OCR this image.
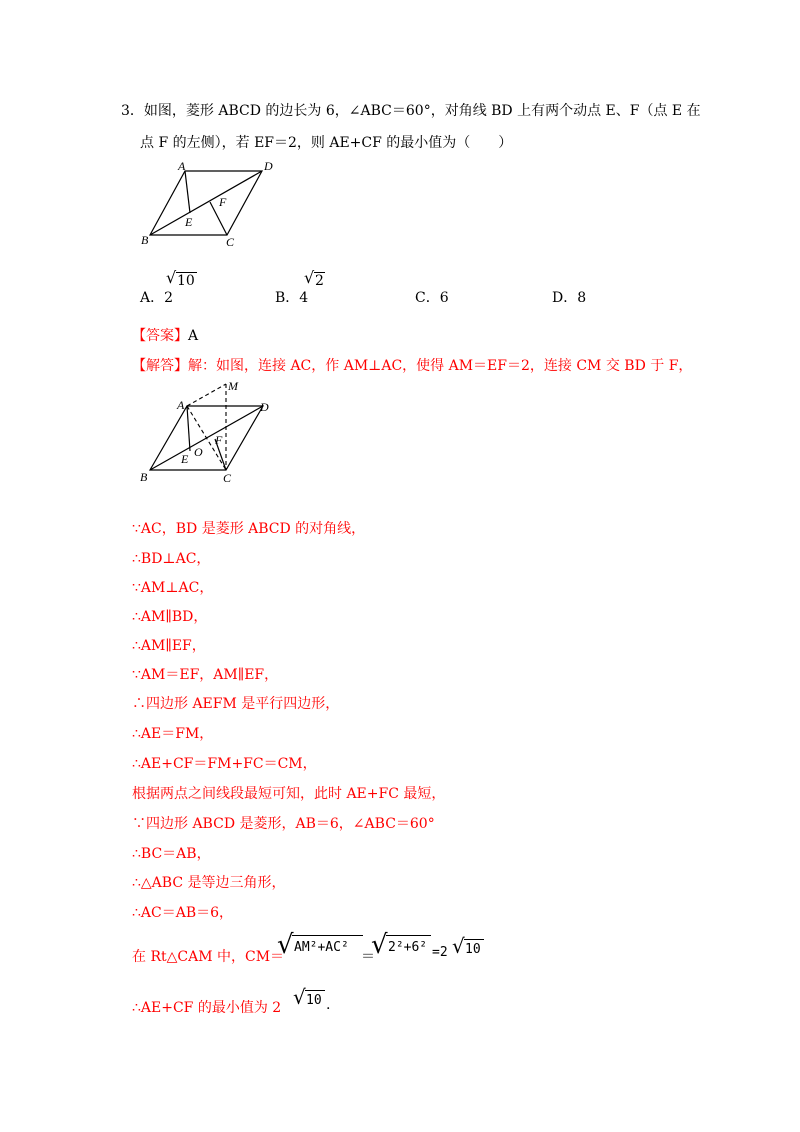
3．如图，菱形 ABCD 的边长为 6，∠ABC＝60°，对角线 BD 上有两个动点 E、F（点 E 在
点 F 的左侧），若 EF＝2，则 AE+CF 的最小值为（　　）
A	D
F
E
B	C
A．2
√ 10
B．4
√ 2
C．6	D．8
【答案】A
【解答】解：如图，连接 AC，作 AM⊥AC，使得 AM＝EF＝2，连接 CM 交 BD 于 F，
M
A	D
F
O
E
B	C
∵AC，BD 是菱形 ABCD 的对角线，
∴BD⊥AC，
∵AM⊥AC，
∴AM∥BD，
∴AM∥EF，
∵AM＝EF，AM∥EF，
∴四边形 AEFM 是平行四边形，
∴AE＝FM，
∴AE+CF＝FM+FC＝CM，
根据两点之间线段最短可知，此时 AE+FC 最短，
∵四边形 ABCD 是菱形，AB＝6，∠ABC＝60°
∴BC＝AB，
∴△ABC 是等边三角形，
∴AC＝AB＝6，
在 Rt△CAM 中，CM＝
√ AM²+AC²
＝
√ 2²+6² =2 √ 10
∴AE+CF 的最小值为 2 √ 10 .
